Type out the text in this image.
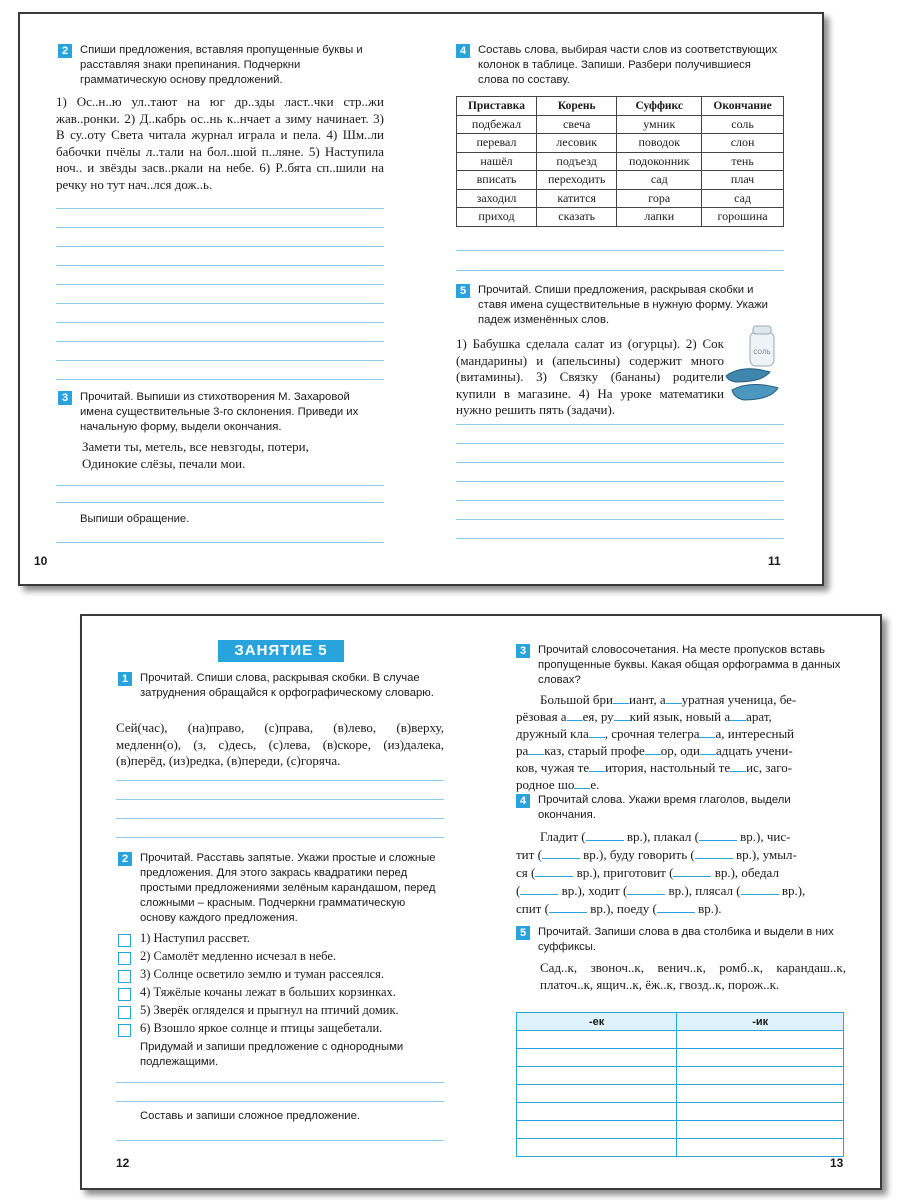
2 Спиши предложения, вставляя пропущенные буквы и расставляя знаки препинания. Подчеркни грамматическую основу предложений.
1) Ос..н..ю ул..тают на юг др..зды ласт..чки стр..жи жав..ронки. 2) Д..кабрь ос..нь к..нчает а зиму начинает. 3) В су..оту Света читала журнал играла и пела. 4) Шм..ли бабочки пчёлы л..тали на бол..шой п..ляне. 5) Наступила ноч.. и звёзды засв..ркали на небе. 6) Р..бята сп..шили на речку но тут нач..лся дож..ь.
3 Прочитай. Выпиши из стихотворения М. Захаровой имена существительные 3-го склонения. Приведи их начальную форму, выдели окончания.
Замети ты, метель, все невзгоды, потери,
Одинокие слёзы, печали мои.
Выпиши обращение.
10
4 Составь слова, выбирая части слов из соответствующих колонок в таблице. Запиши. Разбери получившиеся слова по составу.
Приставка	Корень	Суффикс	Окончание
подбежал	свеча	умник	соль
перевал	лесовик	поводок	слон
нашёл	подъезд	подоконник	тень
вписать	переходить	сад	плач
заходил	катится	гора	сад
приход	сказать	лапки	горошина
5 Прочитай. Спиши предложения, раскрывая скобки и ставя имена существительные в нужную форму. Укажи падеж изменённых слов.
1) Бабушка сделала салат из (огурцы). 2) Сок (мандарины) и (апельсины) содержит много (витамины). 3) Связку (бананы) родители купили в магазине. 4) На уроке математики нужно решить пять (задачи).
СОЛЬ
11
ЗАНЯТИЕ 5
1 Прочитай. Спиши слова, раскрывая скобки. В случае затруднения обращайся к орфографическому словарю.
Сей(час), (на)право, (с)права, (в)лево, (в)верху, медленн(о), (з, с)десь, (с)лева, (в)скоре, (из)далека, (в)перёд, (из)редка, (в)переди, (с)горяча.
2 Прочитай. Расставь запятые. Укажи простые и сложные предложения. Для этого закрась квадратики перед простыми предложениями зелёным карандашом, перед сложными – красным. Подчеркни грамматическую основу каждого предложения.
1) Наступил рассвет.
2) Самолёт медленно исчезал в небе.
3) Солнце осветило землю и туман рассеялся.
4) Тяжёлые кочаны лежат в больших корзинках.
5) Зверёк огляделся и прыгнул на птичий домик.
6) Взошло яркое солнце и птицы защебетали.
Придумай и запиши предложение с однородными подлежащими.
Составь и запиши сложное предложение.
12
3 Прочитай словосочетания. На месте пропусков вставь пропущенные буквы. Какая общая орфограмма в данных словах?
Большой бри иант, а уратная ученица, бе-
рёзовая а ея, ру кий язык, новый а арат,
дружный кла , срочная телегра а, интересный
ра каз, старый профе ор, оди адцать учени-
ков, чужая те итория, настольный те ис, заго-
родное шо е.
4 Прочитай слова. Укажи время глаголов, выдели окончания.
Гладит (	вр.), плакал (	вр.), чис-
тит (	вр.), буду говорить (	вр.), умыл-
ся (	вр.), приготовит (	вр.), обедал
(	вр.), ходит (	вр.), плясал (	вр.),
спит (	вр.), поеду (	вр.).
5 Прочитай. Запиши слова в два столбика и выдели в них суффиксы.
Сад..к, звоноч..к, венич..к, ромб..к, карандаш..к, платоч..к, ящич..к, ёж..к, гвозд..к, порож..к.
-ек	-ик

13
